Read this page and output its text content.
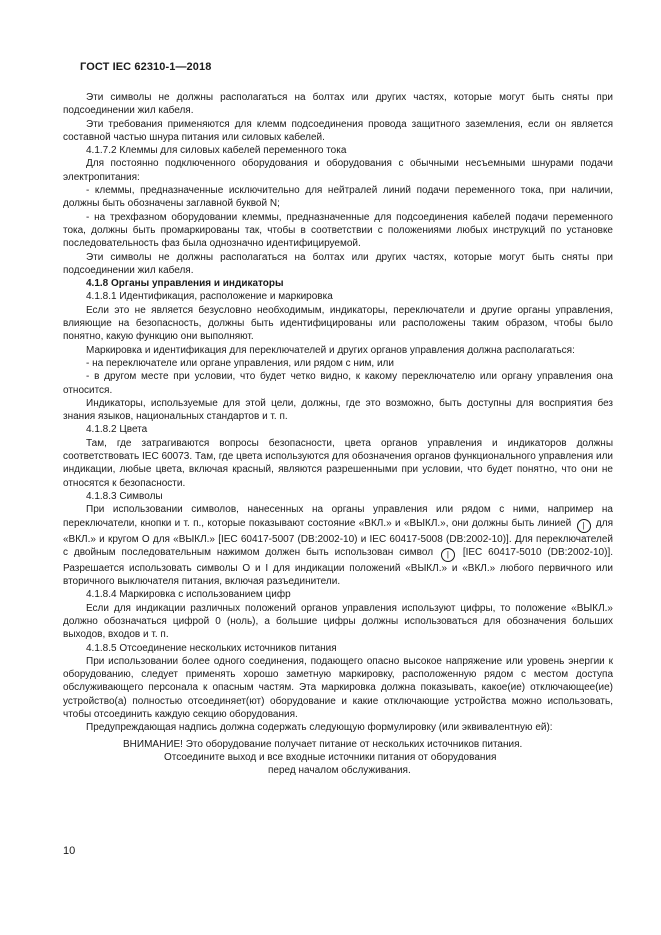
ГОСТ IEC 62310-1—2018

Эти символы не должны располагаться на болтах или других частях, которые могут быть сняты при подсоединении жил кабеля.

Эти требования применяются для клемм подсоединения провода защитного заземления, если он является составной частью шнура питания или силовых кабелей.

4.1.7.2 Клеммы для силовых кабелей переменного тока

Для постоянно подключенного оборудования и оборудования с обычными несъемными шнурами подачи электропитания:

- клеммы, предназначенные исключительно для нейтралей линий подачи переменного тока, при наличии, должны быть обозначены заглавной буквой N;

- на трехфазном оборудовании клеммы, предназначенные для подсоединения кабелей подачи переменного тока, должны быть промаркированы так, чтобы в соответствии с положениями любых инструкций по установке последовательность фаз была однозначно идентифицируемой.

Эти символы не должны располагаться на болтах или других частях, которые могут быть сняты при подсоединении жил кабеля.

4.1.8 Органы управления и индикаторы

4.1.8.1 Идентификация, расположение и маркировка

Если это не является безусловно необходимым, индикаторы, переключатели и другие органы управления, влияющие на безопасность, должны быть идентифицированы или расположены таким образом, чтобы было понятно, какую функцию они выполняют.

Маркировка и идентификация для переключателей и других органов управления должна располагаться:

- на переключателе или органе управления, или рядом с ним, или

- в другом месте при условии, что будет четко видно, к какому переключателю или органу управления она относится.

Индикаторы, используемые для этой цели, должны, где это возможно, быть доступны для восприятия без знания языков, национальных стандартов и т. п.

4.1.8.2 Цвета

Там, где затрагиваются вопросы безопасности, цвета органов управления и индикаторов должны соответствовать IEC 60073. Там, где цвета используются для обозначения органов функционального управления или индикации, любые цвета, включая красный, являются разрешенными при условии, что будет понятно, что они не относятся к безопасности.

4.1.8.3 Символы

При использовании символов, нанесенных на органы управления или рядом с ними, например на переключатели, кнопки и т. п., которые показывают состояние «ВКЛ.» и «ВЫКЛ.», они должны быть линией | для «ВКЛ.» и кругом О для «ВЫКЛ.» [IEC 60417-5007 (DB:2002-10) и IEC 60417-5008 (DB:2002-10)]. Для переключателей с двойным последовательным нажимом должен быть использован символ | [IEC 60417-5010 (DB:2002-10)]. Разрешается использовать символы О и I для индикации положений «ВЫКЛ.» и «ВКЛ.» любого первичного или вторичного выключателя питания, включая разъединители.

4.1.8.4 Маркировка с использованием цифр

Если для индикации различных положений органов управления используют цифры, то положение «ВЫКЛ.» должно обозначаться цифрой 0 (ноль), а большие цифры должны использоваться для обозначения больших выходов, входов и т. п.

4.1.8.5 Отсоединение нескольких источников питания

При использовании более одного соединения, подающего опасно высокое напряжение или уровень энергии к оборудованию, следует применять хорошо заметную маркировку, расположенную рядом с местом доступа обслуживающего персонала к опасным частям. Эта маркировка должна показывать, какое(ие) отключающее(ие) устройство(а) полностью отсоединяет(ют) оборудование и какие отключающие устройства можно использовать, чтобы отсоединить каждую секцию оборудования.

Предупреждающая надпись должна содержать следующую формулировку (или эквивалентную ей):

ВНИМАНИЕ! Это оборудование получает питание от нескольких источников питания.

Отсоедините выход и все входные источники питания от оборудования

перед началом обслуживания.

10
